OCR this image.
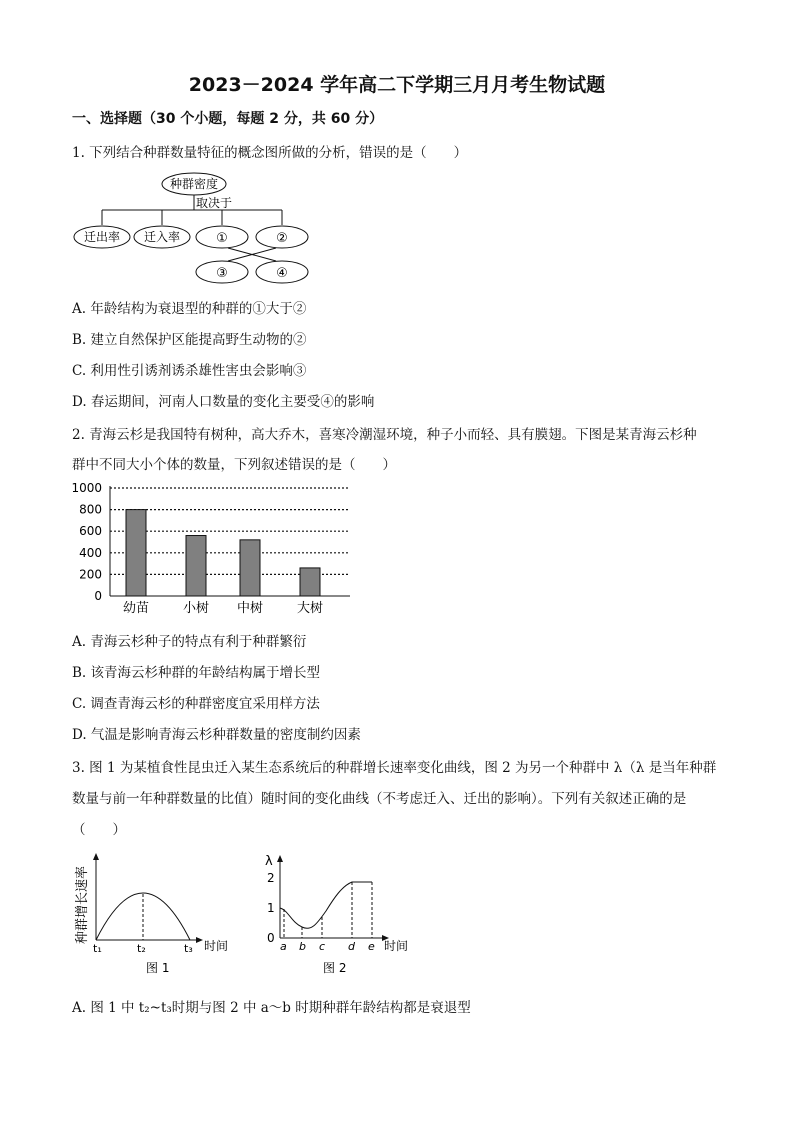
2023－2024 学年高二下学期三月月考生物试题
一、选择题（30 个小题，每题 2 分，共 60 分）
1. 下列结合种群数量特征的概念图所做的分析，错误的是（　　）
种群密度
取决于
迁出率 迁入率	①	②
③	④
A. 年龄结构为衰退型的种群的①大于②
B. 建立自然保护区能提高野生动物的②
C. 利用性引诱剂诱杀雄性害虫会影响③
D. 春运期间，河南人口数量的变化主要受④的影响
2. 青海云杉是我国特有树种，高大乔木，喜寒冷潮湿环境，种子小而轻、具有膜翅。下图是某青海云杉种
群中不同大小个体的数量，下列叙述错误的是（　　）
0
200
400
600
800
1000
幼苗	小树 中树	大树
A. 青海云杉种子的特点有利于种群繁衍
B. 该青海云杉种群的年龄结构属于增长型
C. 调查青海云杉的种群密度宜采用样方法
D. 气温是影响青海云杉种群数量的密度制约因素
3. 图 1 为某植食性昆虫迁入某生态系统后的种群增长速率变化曲线，图 2 为另一个种群中 λ（λ 是当年种群
数量与前一年种群数量的比值）随时间的变化曲线（不考虑迁入、迁出的影响）。下列有关叙述正确的是
（　　）
种群增长速率
t₁	t₂	t₃ 时间
图 1
λ
2
1
0
a b c d e 时间
图 2
A. 图 1 中 t₂~t₃时期与图 2 中 a～b 时期种群年龄结构都是衰退型
